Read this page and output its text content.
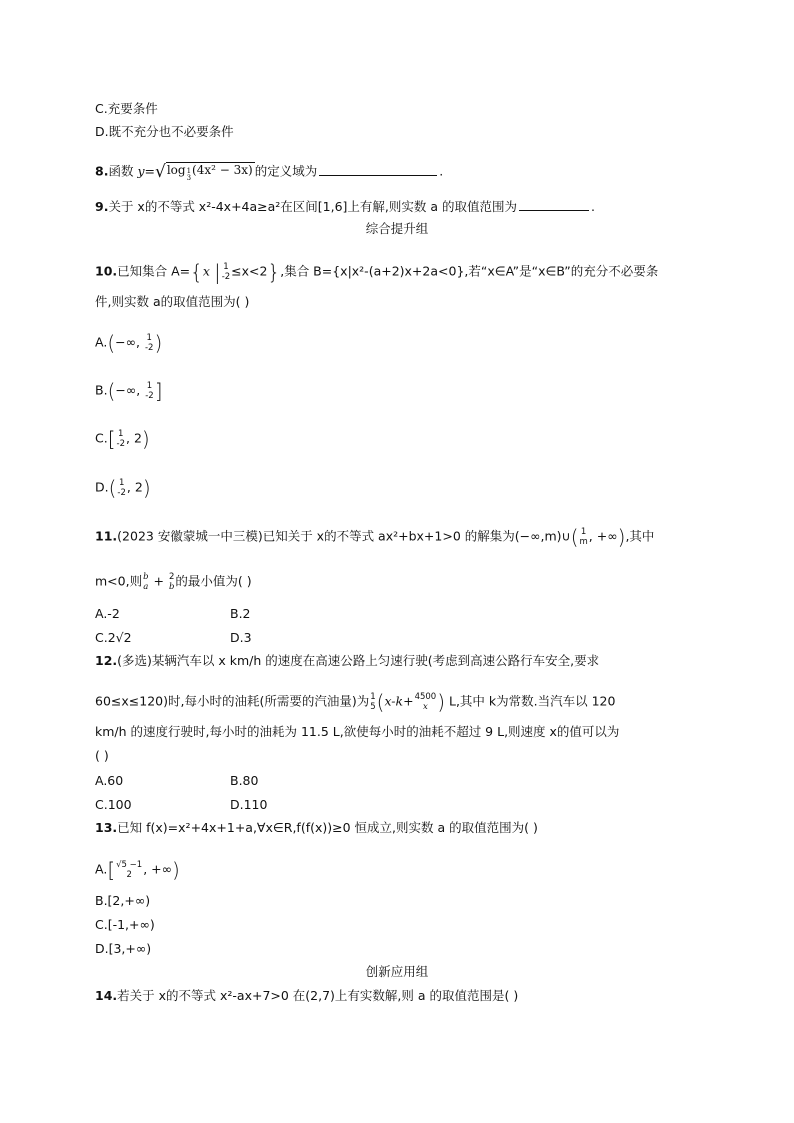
C.充要条件
D.既不充分也不必要条件
8.函数 y=√log $_{1 3}$
(4x² − 3x) 的定义域为	.
9.关于 x的不等式 x²-4x+4a≥a²在区间[1,6]上有解,则实数 a 的取值范围为	.
综合提升组
10.已知集合 A={x | 1
-2 ≤x<2},集合 B={x|x²-(a+2)x+2a<0},若“x∈A”是“x∈B”的充分不必要条
件,则实数 a的取值范围为( )
A.(−∞, 1
-2 )
B.(−∞, 1
-2 ]
C.[ 1
-2 , 2)
D.( 1
-2 , 2)
11.(2023 安徽蒙城一中三模)已知关于 x的不等式 ax²+bx+1>0 的解集为(−∞,m)∪( 1
m , +∞),其中
m<0,则 b
a + 2
b 的最小值为( )
A.-2	B.2
C.2√2	D.3
12.(多选)某辆汽车以 x km/h 的速度在高速公路上匀速行驶(考虑到高速公路行车安全,要求
60≤x≤120)时,每小时的油耗(所需要的汽油量)为 1
5 (x-k+ 4500
x ) L,其中 k为常数.当汽车以 120
km/h 的速度行驶时,每小时的油耗为 11.5 L,欲使每小时的油耗不超过 9 L,则速度 x的值可以为
( )
A.60	B.80
C.100	D.110
13.已知 f(x)=x²+4x+1+a,∀x∈R,f(f(x))≥0 恒成立,则实数 a 的取值范围为( )
A.[ √5 −1
2 , +∞)
B.[2,+∞)
C.[-1,+∞)
D.[3,+∞)
创新应用组
14.若关于 x的不等式 x²-ax+7>0 在(2,7)上有实数解,则 a 的取值范围是( )
